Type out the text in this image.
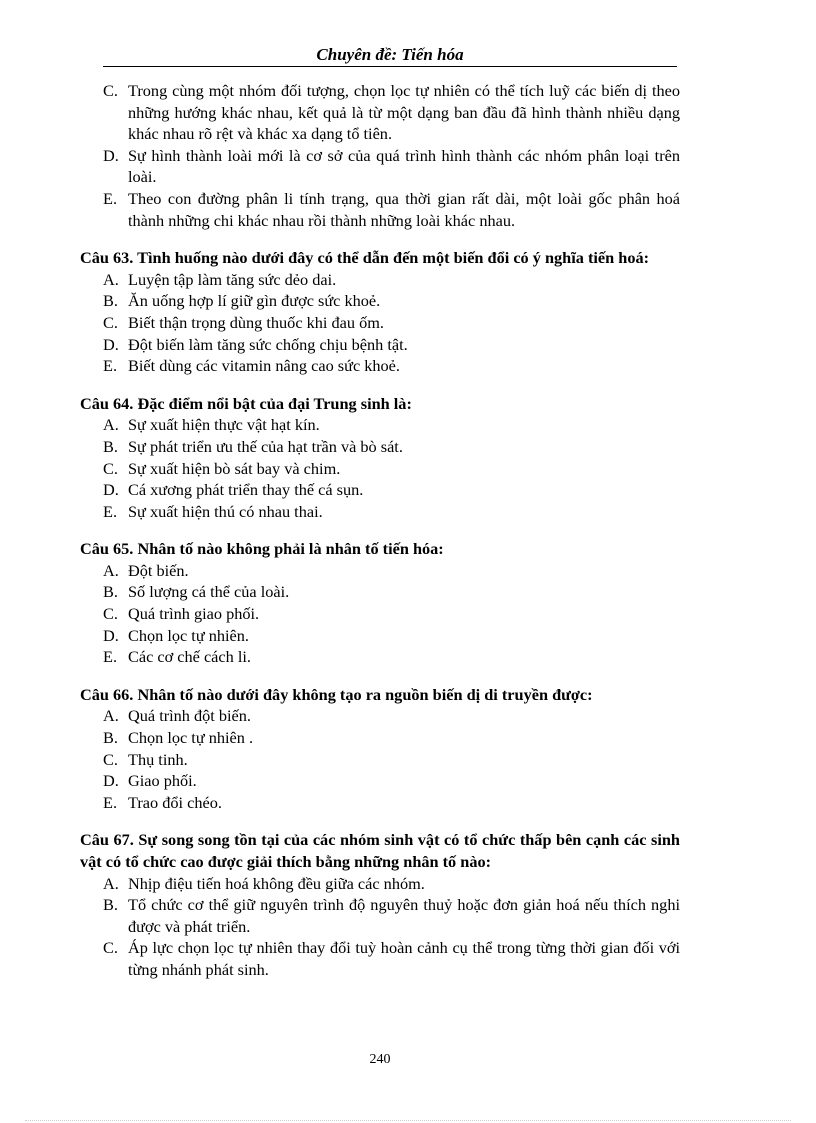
Chuyên đề: Tiến hóa
C. Trong cùng một nhóm đối tượng, chọn lọc tự nhiên có thể tích luỹ các biến dị theo những hướng khác nhau, kết quả là từ một dạng ban đầu đã hình thành nhiều dạng khác nhau rõ rệt và khác xa dạng tổ tiên.
D. Sự hình thành loài mới là cơ sở của quá trình hình thành các nhóm phân loại trên loài.
E. Theo con đường phân li tính trạng, qua thời gian rất dài, một loài gốc phân hoá thành những chi khác nhau rồi thành những loài khác nhau.
Câu 63. Tình huống nào dưới đây có thể dẫn đến một biến đổi có ý nghĩa tiến hoá:
A. Luyện tập làm tăng sức dẻo dai.
B. Ăn uống hợp lí giữ gìn được sức khoẻ.
C. Biết thận trọng dùng thuốc khi đau ốm.
D. Đột biến làm tăng sức chống chịu bệnh tật.
E. Biết dùng các vitamin nâng cao sức khoẻ.
Câu 64. Đặc điểm nổi bật của đại Trung sinh là:
A. Sự xuất hiện thực vật hạt kín.
B. Sự phát triển ưu thế của hạt trần và bò sát.
C. Sự xuất hiện bò sát bay và chim.
D. Cá xương phát triển thay thế cá sụn.
E. Sự xuất hiện thú có nhau thai.
Câu 65. Nhân tố nào không phải là nhân tố tiến hóa:
A. Đột biến.
B. Số lượng cá thể của loài.
C. Quá trình giao phối.
D. Chọn lọc tự nhiên.
E. Các cơ chế cách li.
Câu 66. Nhân tố nào dưới đây không tạo ra nguồn biến dị di truyền được:
A. Quá trình đột biến.
B. Chọn lọc tự nhiên .
C. Thụ tinh.
D. Giao phối.
E. Trao đổi chéo.
Câu 67. Sự song song tồn tại của các nhóm sinh vật có tổ chức thấp bên cạnh các sinh vật có tổ chức cao được giải thích bằng những nhân tố nào:
A. Nhịp điệu tiến hoá không đều giữa các nhóm.
B. Tổ chức cơ thể giữ nguyên trình độ nguyên thuỷ hoặc đơn giản hoá nếu thích nghi được và phát triển.
C. Áp lực chọn lọc tự nhiên thay đổi tuỳ hoàn cảnh cụ thể trong từng thời gian đối với từng nhánh phát sinh.
240
